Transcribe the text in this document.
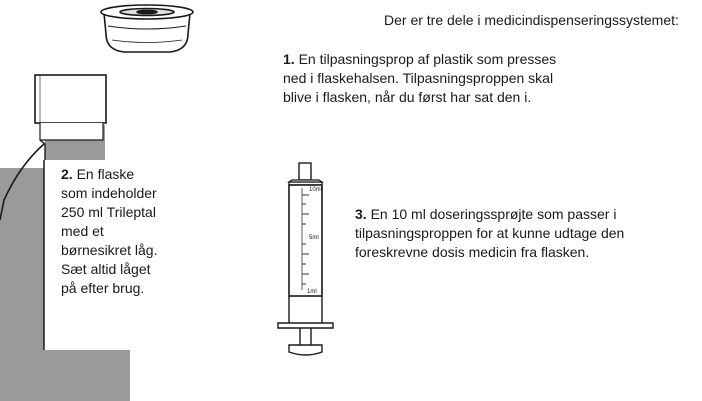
10ml
5ml
1ml
Der er tre dele i medicindispenseringssystemet:
1. En tilpasningsprop af plastik som presses
ned i flaskehalsen. Tilpasningsproppen skal
blive i flasken, når du først har sat den i.
2. En flaske
som indeholder
250 ml Trileptal
med et
børnesikret låg.
Sæt altid låget
på efter brug.
3. En 10 ml doseringssprøjte som passer i
tilpasningsproppen for at kunne udtage den
foreskrevne dosis medicin fra flasken.
